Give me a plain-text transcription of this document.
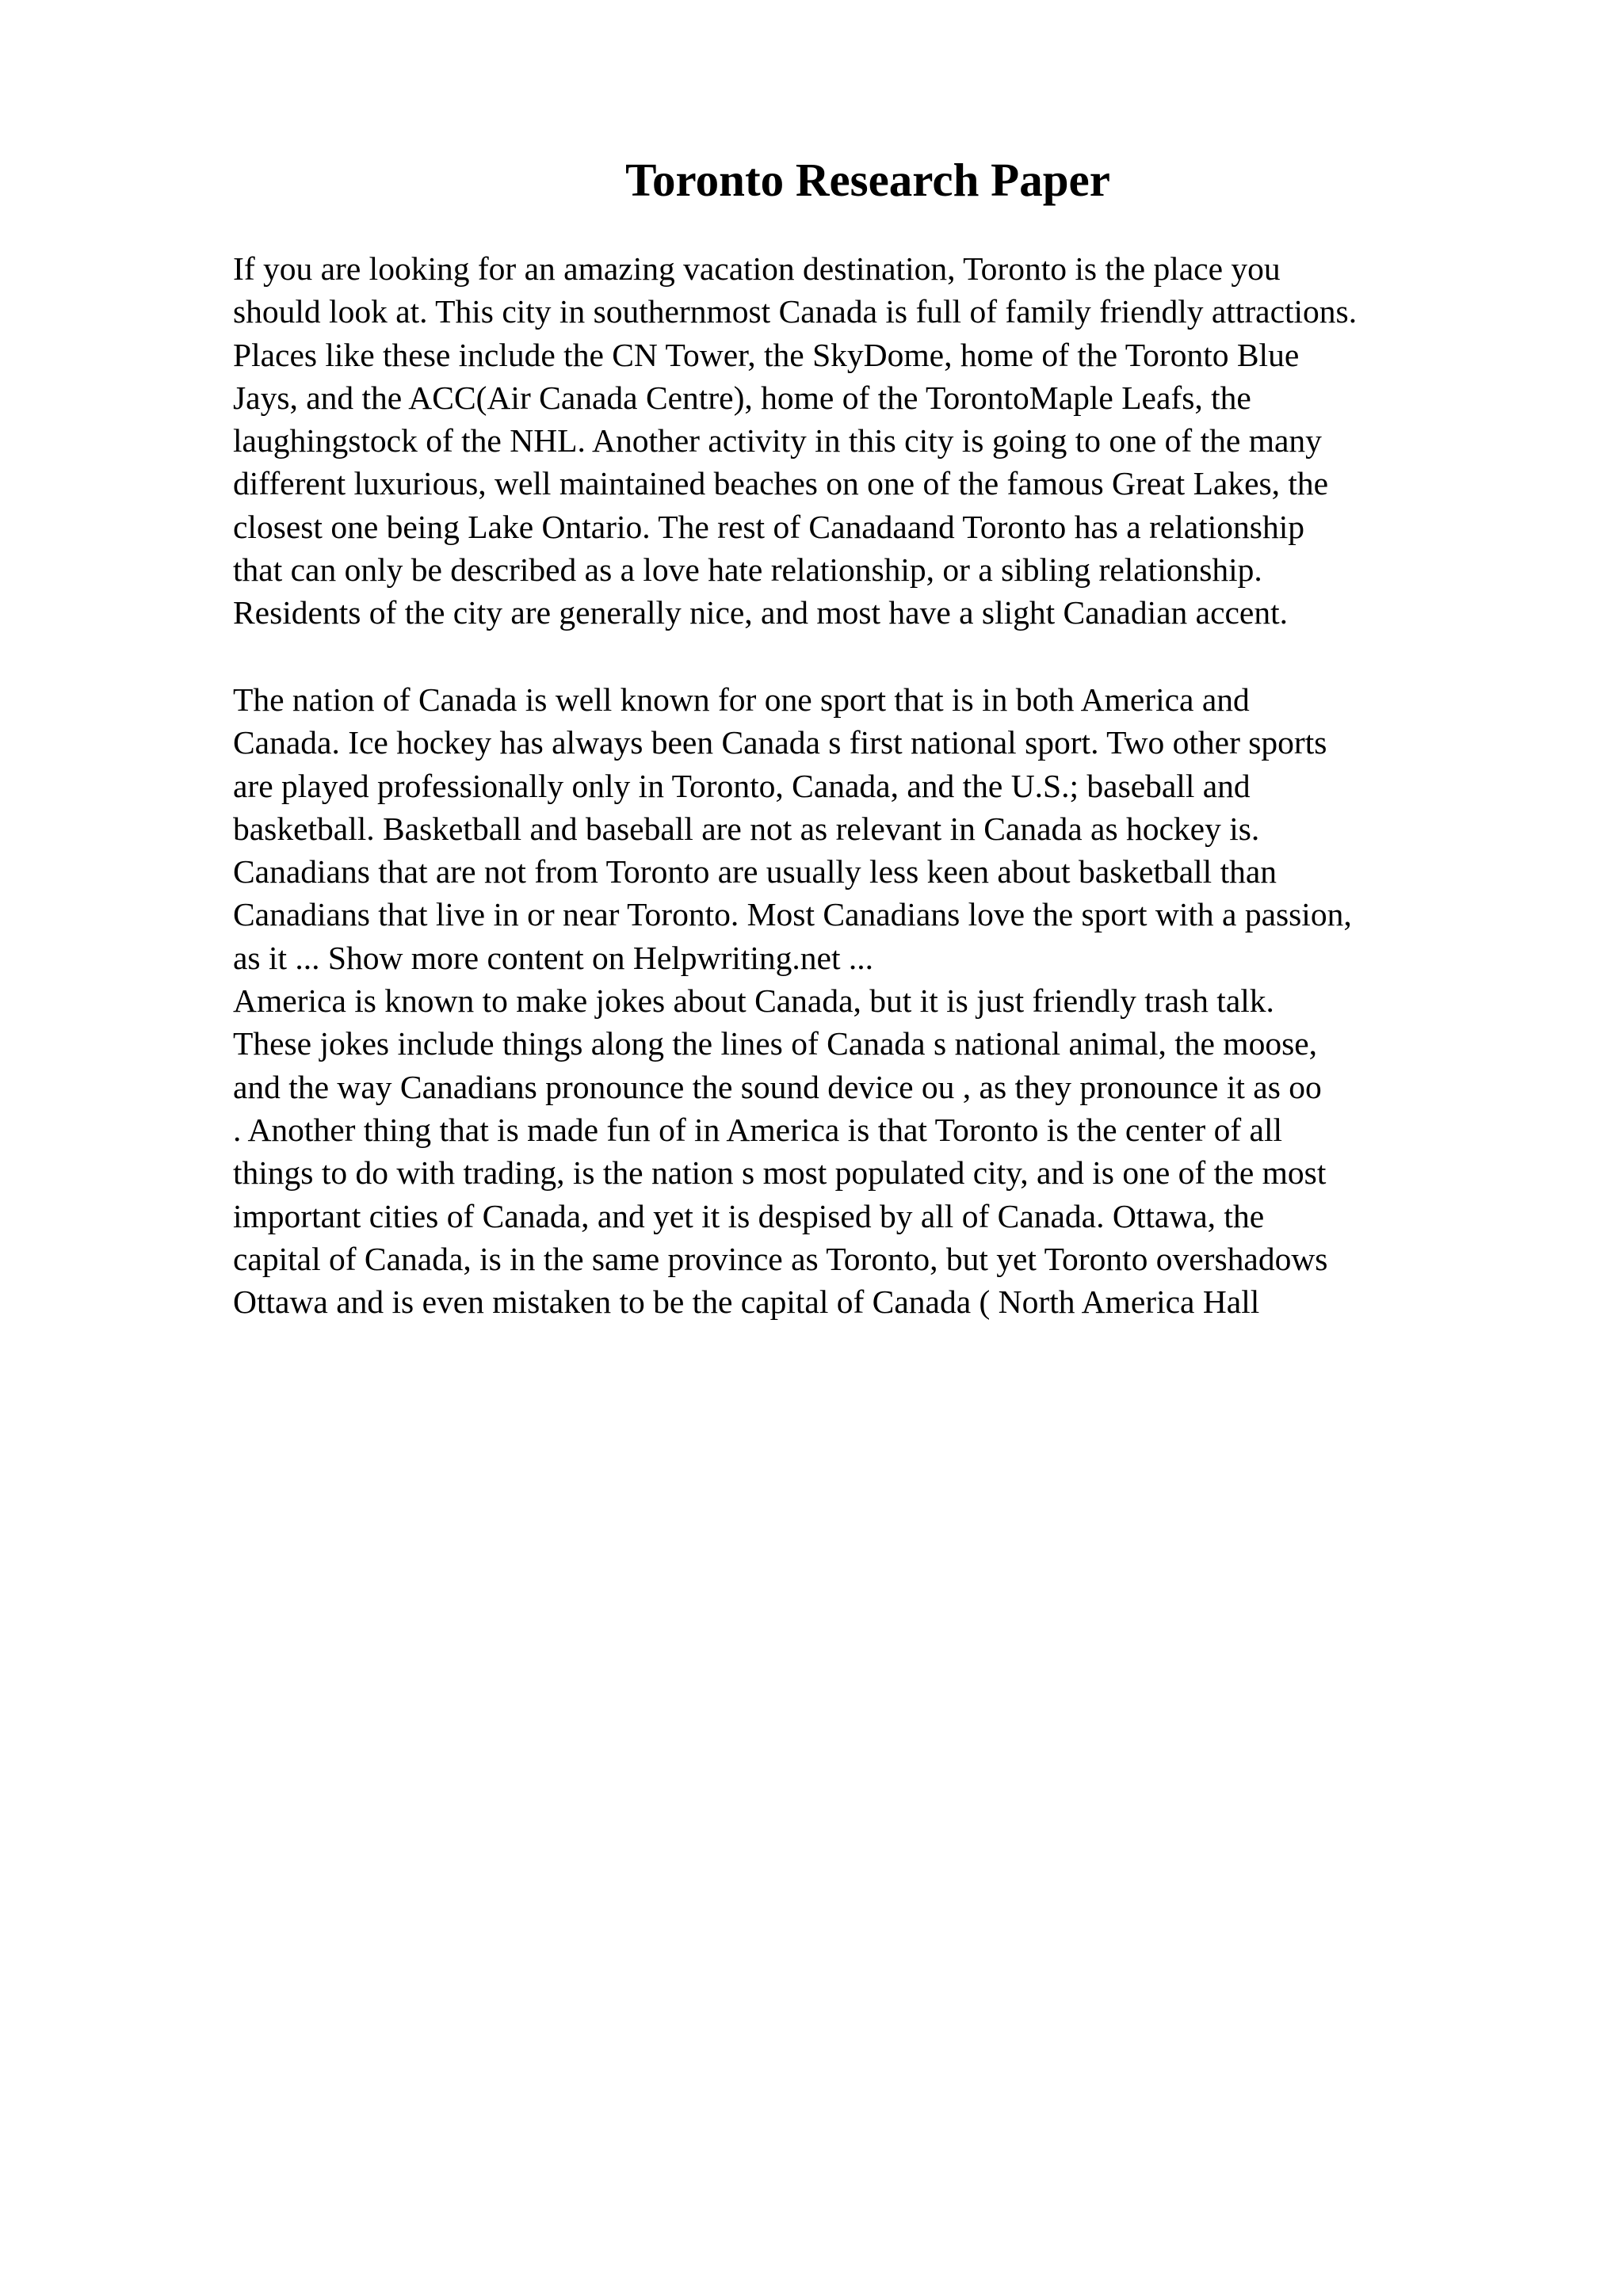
Toronto Research Paper
If you are looking for an amazing vacation destination, Toronto is the place you
should look at. This city in southernmost Canada is full of family friendly attractions.
Places like these include the CN Tower, the SkyDome, home of the Toronto Blue
Jays, and the ACC(Air Canada Centre), home of the TorontoMaple Leafs, the
laughingstock of the NHL. Another activity in this city is going to one of the many
different luxurious, well maintained beaches on one of the famous Great Lakes, the
closest one being Lake Ontario. The rest of Canadaand Toronto has a relationship
that can only be described as a love hate relationship, or a sibling relationship.
Residents of the city are generally nice, and most have a slight Canadian accent.
The nation of Canada is well known for one sport that is in both America and
Canada. Ice hockey has always been Canada s first national sport. Two other sports
are played professionally only in Toronto, Canada, and the U.S.; baseball and
basketball. Basketball and baseball are not as relevant in Canada as hockey is.
Canadians that are not from Toronto are usually less keen about basketball than
Canadians that live in or near Toronto. Most Canadians love the sport with a passion,
as it ... Show more content on Helpwriting.net ...
America is known to make jokes about Canada, but it is just friendly trash talk.
These jokes include things along the lines of Canada s national animal, the moose,
and the way Canadians pronounce the sound device ou , as they pronounce it as oo
. Another thing that is made fun of in America is that Toronto is the center of all
things to do with trading, is the nation s most populated city, and is one of the most
important cities of Canada, and yet it is despised by all of Canada. Ottawa, the
capital of Canada, is in the same province as Toronto, but yet Toronto overshadows
Ottawa and is even mistaken to be the capital of Canada ( North America Hall
